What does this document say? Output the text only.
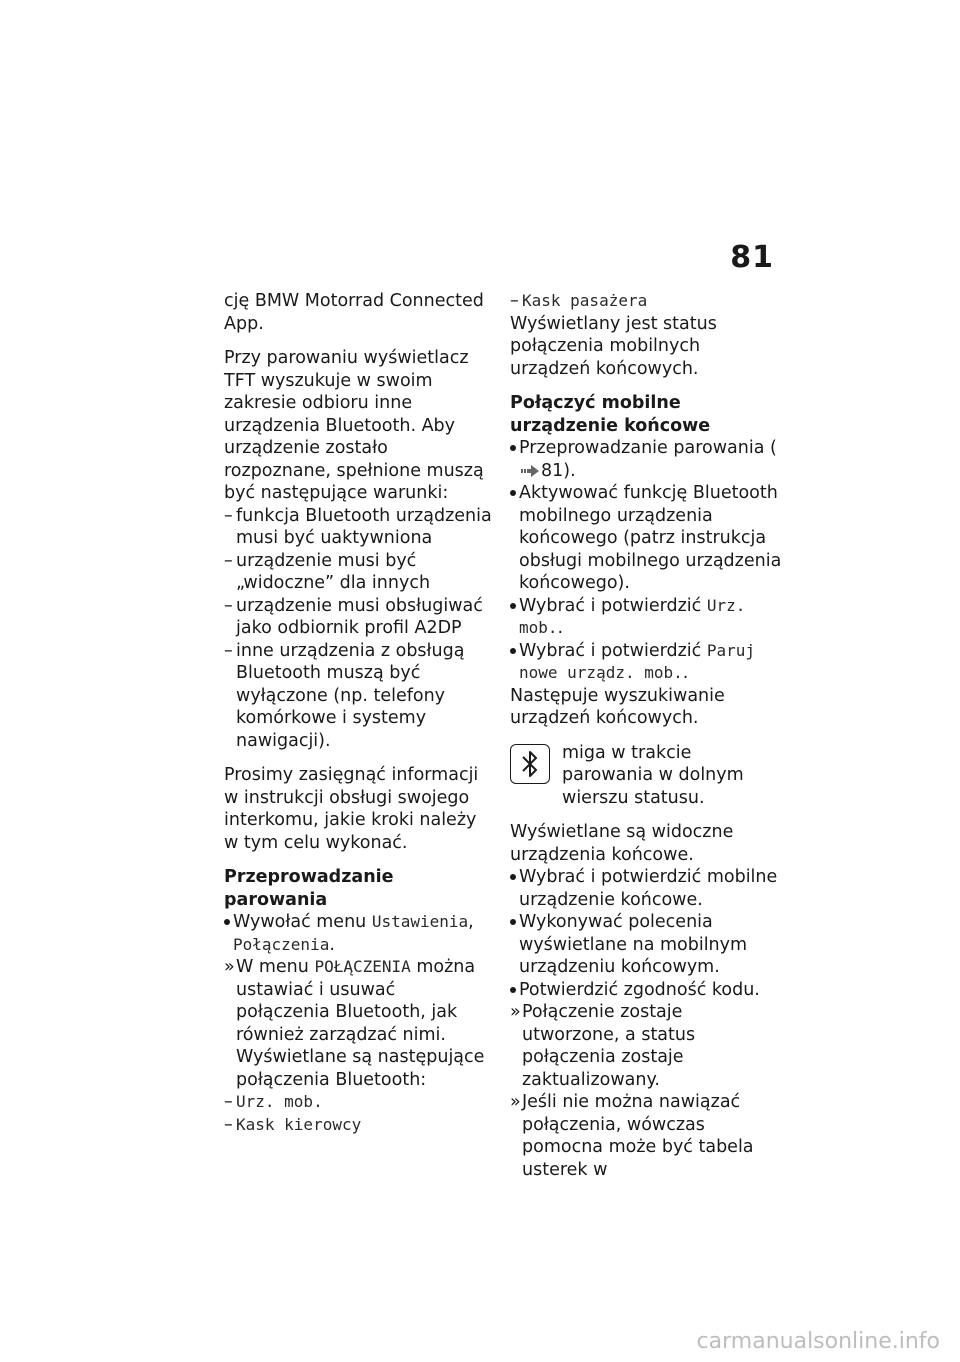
81

cję BMW Motorrad Connected App.

Przy parowaniu wyświetlacz TFT wyszukuje w swoim zakresie odbioru inne urządzenia Bluetooth. Aby urządzenie zostało rozpoznane, spełnione muszą być następujące warunki:

– funkcja Bluetooth urządzenia musi być uaktywniona
– urządzenie musi być „widoczne” dla innych
– urządzenie musi obsługiwać jako odbiornik profil A2DP
– inne urządzenia z obsługą Bluetooth muszą być wyłączone (np. telefony komórkowe i systemy nawigacji).

Prosimy zasięgnąć informacji w instrukcji obsługi swojego interkomu, jakie kroki należy w tym celu wykonać.

Przeprowadzanie parowania
Wywołać menu Ustawienia, Połączenia.
» W menu POŁĄCZENIA można ustawiać i usuwać połączenia Bluetooth, jak również zarządzać nimi. Wyświetlane są następujące połączenia Bluetooth:
– Urz. mob.
– Kask kierowcy
– Kask pasażera

Wyświetlany jest status połączenia mobilnych urządzeń końcowych.

Połączyć mobilne urządzenie końcowe
Przeprowadzanie parowania (81).
Aktywować funkcję Bluetooth mobilnego urządzenia końcowego (patrz instrukcja obsługi mobilnego urządzenia końcowego).
Wybrać i potwierdzić Urz. mob..
Wybrać i potwierdzić Paruj nowe urządz. mob..

Następuje wyszukiwanie urządzeń końcowych.

miga w trakcie parowania w dolnym wierszu statusu.

Wyświetlane są widoczne urządzenia końcowe.

Wybrać i potwierdzić mobilne urządzenie końcowe.
Wykonywać polecenia wyświetlane na mobilnym urządzeniu końcowym.
Potwierdzić zgodność kodu.
» Połączenie zostaje utworzone, a status połączenia zostaje zaktualizowany.
» Jeśli nie można nawiązać połączenia, wówczas pomocna może być tabela usterek w
carmanualsonline.info
